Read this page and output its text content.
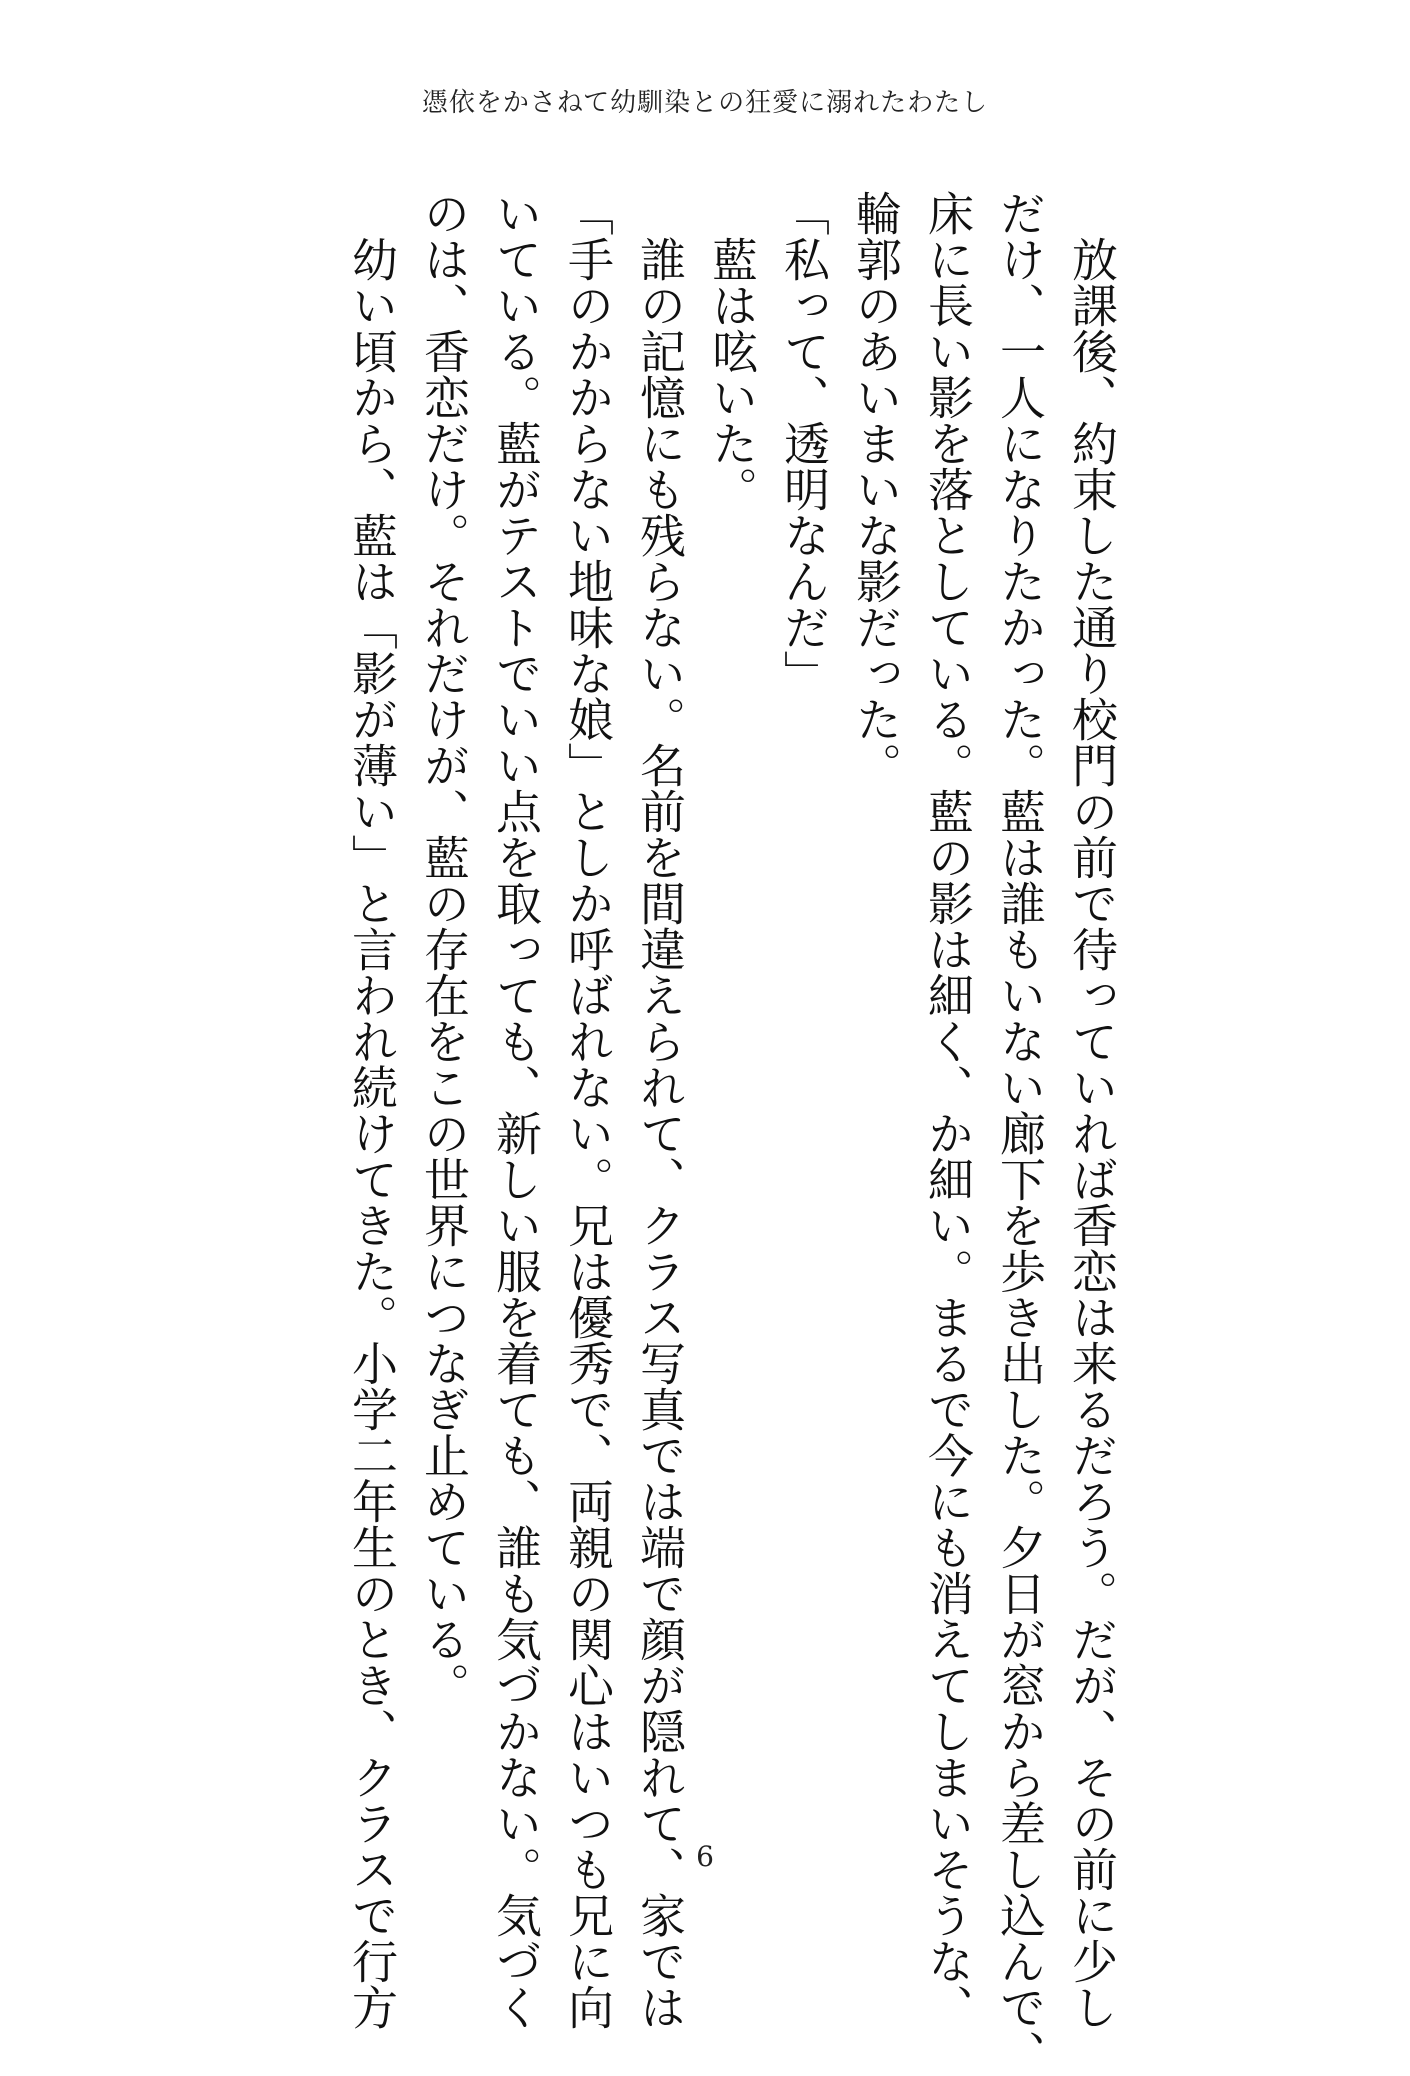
憑依をかさねて幼馴染との狂愛に溺れたわたし

　放課後、約束した通り校門の前で待っていれば香恋は来るだろう。だが、その前に少し

だけ、一人になりたかった。藍は誰もいない廊下を歩き出した。夕日が窓から差し込んで、

床に長い影を落としている。藍の影は細く、か細い。まるで今にも消えてしまいそうな、

輪郭のあいまいな影だった。

「私って、透明なんだ」

　藍は呟いた。

　誰の記憶にも残らない。名前を間違えられて、クラス写真では端で顔が隠れて、家では

「手のかからない地味な娘」としか呼ばれない。兄は優秀で、両親の関心はいつも兄に向

いている。藍がテストでいい点を取っても、新しい服を着ても、誰も気づかない。気づく

のは、香恋だけ。それだけが、藍の存在をこの世界につなぎ止めている。

　幼い頃から、藍は「影が薄い」と言われ続けてきた。小学二年生のとき、クラスで行方	6
